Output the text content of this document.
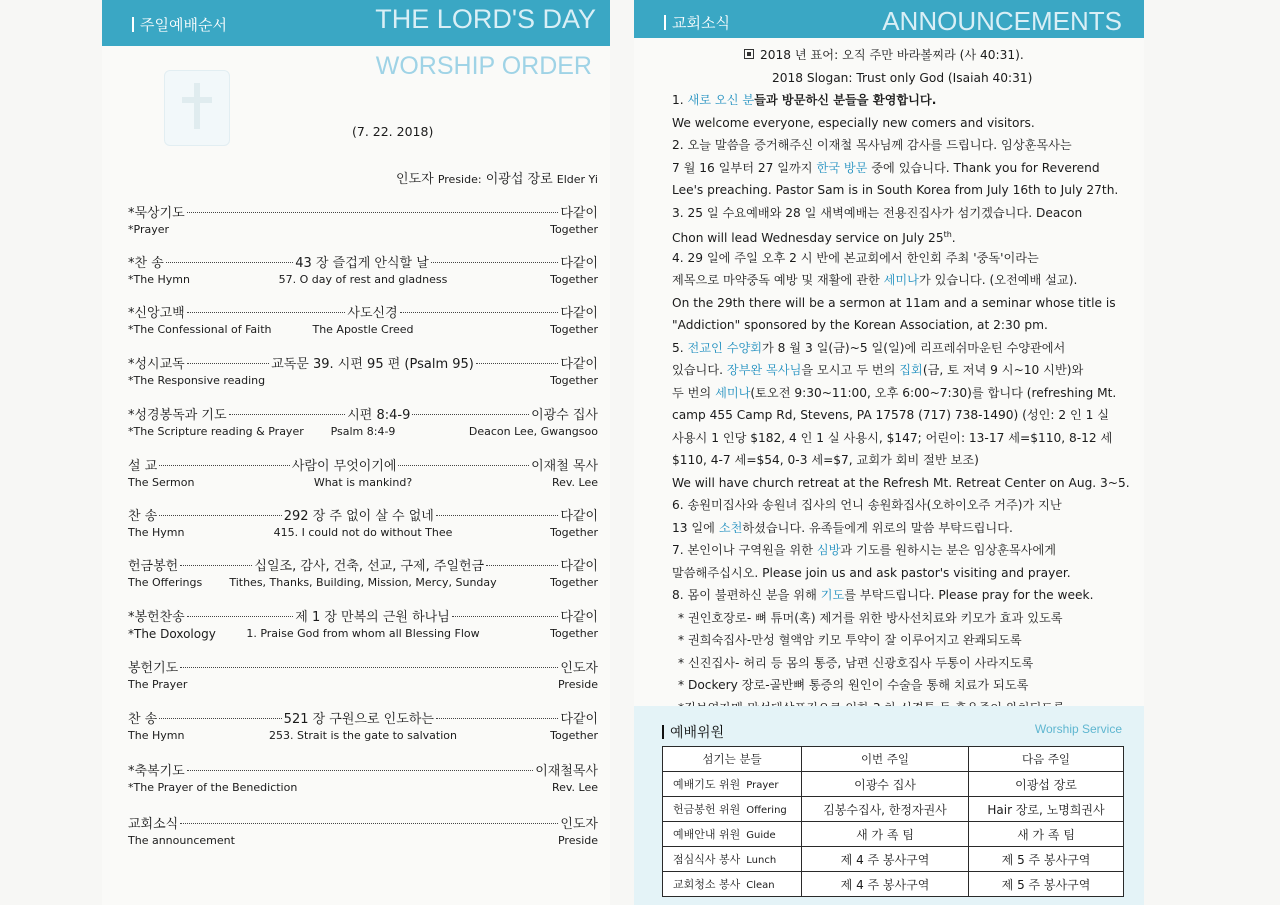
주일예배순서	THE LORD'S DAY
WORSHIP ORDER
(7. 22. 2018)
인도자 Preside: 이광섭 장로 Elder Yi
*묵상기도	다같이
*Prayer	Together
*찬 송	43 장 즐겁게 안식할 날	다같이
*The Hymn	57. O day of rest and gladness	Together
*신앙고백	사도신경	다같이
*The Confessional of Faith	The Apostle Creed	Together
*성시교독	교독문 39. 시편 95 편 (Psalm 95)	다같이
*The Responsive reading	Together
*성경봉독과 기도	시편 8:4-9	이광수 집사
*The Scripture reading & Prayer	Psalm 8:4-9	Deacon Lee, Gwangsoo
설 교	사람이 무엇이기에	이재철 목사
The Sermon	What is mankind?	Rev. Lee
찬 송	292 장 주 없이 살 수 없네	다같이
The Hymn	415. I could not do without Thee	Together
헌금봉헌	십일조, 감사, 건축, 선교, 구제, 주일헌금	다같이
The Offerings	Tithes, Thanks, Building, Mission, Mercy, Sunday	Together
*봉헌찬송	제 1 장 만복의 근원 하나님	다같이
*The Doxology	1. Praise God from whom all Blessing Flow	Together
봉헌기도	인도자
The Prayer	Preside
찬 송	521 장 구원으로 인도하는	다같이
The Hymn	253. Strait is the gate to salvation	Together
*축복기도	이재철목사
*The Prayer of the Benediction	Rev. Lee
교회소식	인도자
The announcement	Preside
교회소식	ANNOUNCEMENTS
2018 년 표어: 오직 주만 바라볼찌라 (사 40:31).
2018 Slogan: Trust only God (Isaiah 40:31)
1. 새로 오신 분들과 방문하신 분들을 환영합니다.
We welcome everyone, especially new comers and visitors.
2. 오늘 말씀을 증거해주신 이재철 목사님께 감사를 드립니다. 임상훈목사는
7 월 16 일부터 27 일까지 한국 방문 중에 있습니다. Thank you for Reverend
Lee's preaching. Pastor Sam is in South Korea from July 16th to July 27th.
3. 25 일 수요예배와 28 일 새벽예배는 전용진집사가 섬기겠습니다. Deacon
Chon will lead Wednesday service on July 25th.
4. 29 일에 주일 오후 2 시 반에 본교회에서 한인회 주최 '중독'이라는
제목으로 마약중독 예방 및 재활에 관한 세미나가 있습니다. (오전예배 설교).
On the 29th there will be a sermon at 11am and a seminar whose title is
"Addiction" sponsored by the Korean Association, at 2:30 pm.
5. 전교인 수양회가 8 월 3 일(금)~5 일(일)에 리프레쉬마운틴 수양관에서
있습니다. 장부완 목사님을 모시고 두 번의 집회(금, 토 저녁 9 시~10 시반)와
두 번의 세미나(토오전 9:30~11:00, 오후 6:00~7:30)를 합니다 (refreshing Mt.
camp 455 Camp Rd, Stevens, PA 17578 (717) 738-1490) (성인: 2 인 1 실
사용시 1 인당 $182, 4 인 1 실 사용시, $147; 어린이: 13-17 세=$110, 8-12 세
$110, 4-7 세=$54, 0-3 세=$7, 교회가 회비 절반 보조)
We will have church retreat at the Refresh Mt. Retreat Center on Aug. 3~5.
6. 송원미집사와 송원녀 집사의 언니 송원화집사(오하이오주 거주)가 지난
13 일에 소천하셨습니다. 유족들에게 위로의 말씀 부탁드립니다.
7. 본인이나 구역원을 위한 심방과 기도를 원하시는 분은 임상훈목사에게
말씀해주십시오. Please join us and ask pastor's visiting and prayer.
8. 몸이 불편하신 분을 위해 기도를 부탁드립니다. Please pray for the week.
* 권인호장로- 뼈 튜머(혹) 제거를 위한 방사선치료와 키모가 효과 있도록
* 권희숙집사-만성 혈액암 키모 투약이 잘 이루어지고 완쾌되도록
* 신진집사- 허리 등 몸의 통증, 남편 신광호집사 두통이 사라지도록
* Dockery 장로-골반뼈 통증의 원인이 수술을 통해 치료가 되도록
예배위원	Worship Service
섬기는 분들	이번 주일	다음 주일
예배기도 위원 Prayer	이광수 집사	이광섭 장로
헌금봉헌 위원 Offering	김봉수집사, 한정자권사	Hair 장로, 노명희권사
예배안내 위원 Guide	새 가 족 팀	새 가 족 팀
점심식사 봉사 Lunch	제 4 주 봉사구역	제 5 주 봉사구역
교회청소 봉사 Clean	제 4 주 봉사구역	제 5 주 봉사구역
